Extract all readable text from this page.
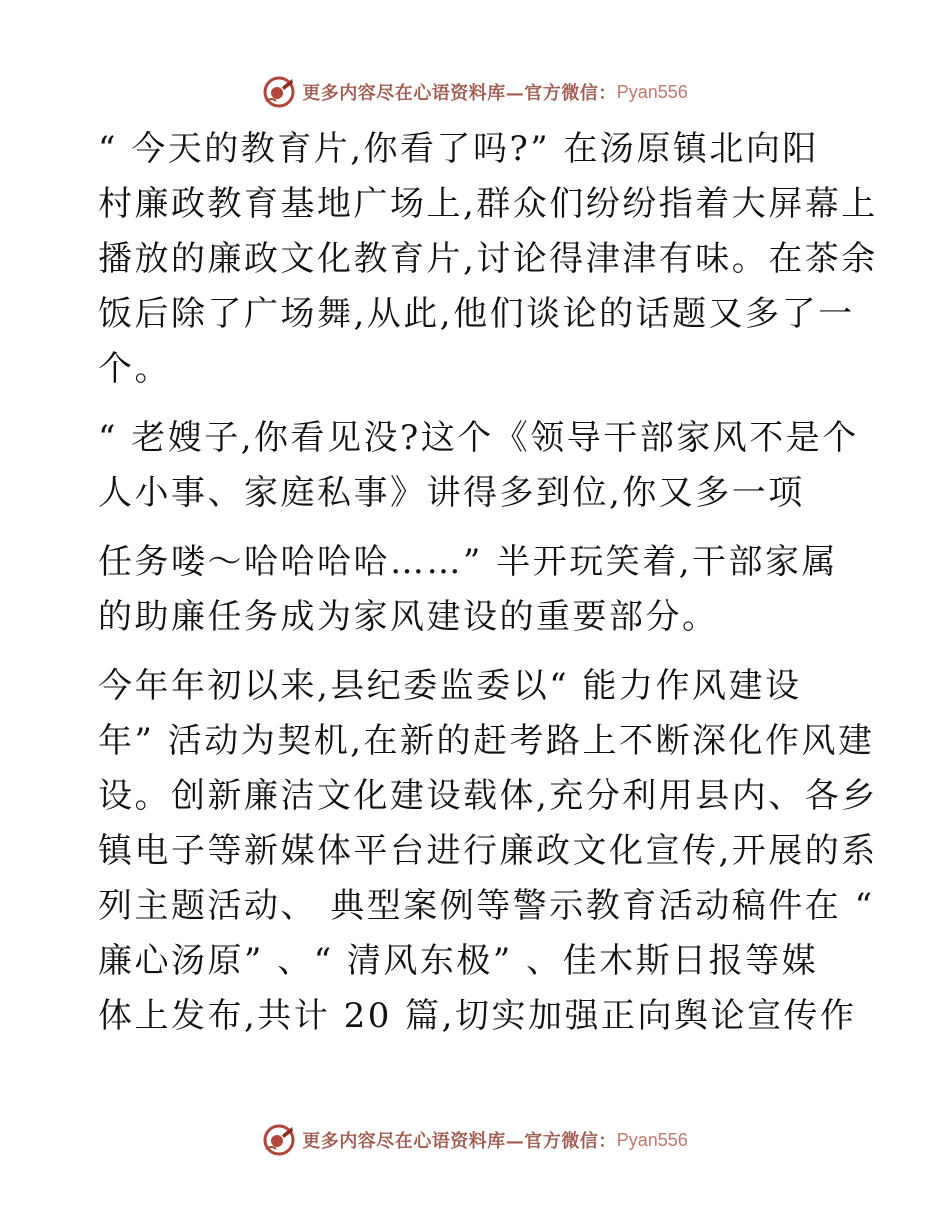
更多内容尽在心语资料库—官方微信： Pyan556

“ 今天的教育片,你看了吗?” 在汤原镇北向阳
村廉政教育基地广场上,群众们纷纷指着大屏幕上
播放的廉政文化教育片,讨论得津津有味。在茶余
饭后除了广场舞,从此,他们谈论的话题又多了一
个。

“ 老嫂子,你看见没?这个《领导干部家风不是个
人小事、家庭私事》讲得多到位,你又多一项

任务喽～哈哈哈哈……” 半开玩笑着,干部家属
的助廉任务成为家风建设的重要部分。

今年年初以来,县纪委监委以“ 能力作风建设
年” 活动为契机,在新的赶考路上不断深化作风建
设。创新廉洁文化建设载体,充分利用县内、各乡
镇电子等新媒体平台进行廉政文化宣传,开展的系
列主题活动、 典型案例等警示教育活动稿件在 “
廉心汤原” 、“ 清风东极” 、佳木斯日报等媒
体上发布,共计 20 篇,切实加强正向舆论宣传作

更多内容尽在心语资料库—官方微信： Pyan556
